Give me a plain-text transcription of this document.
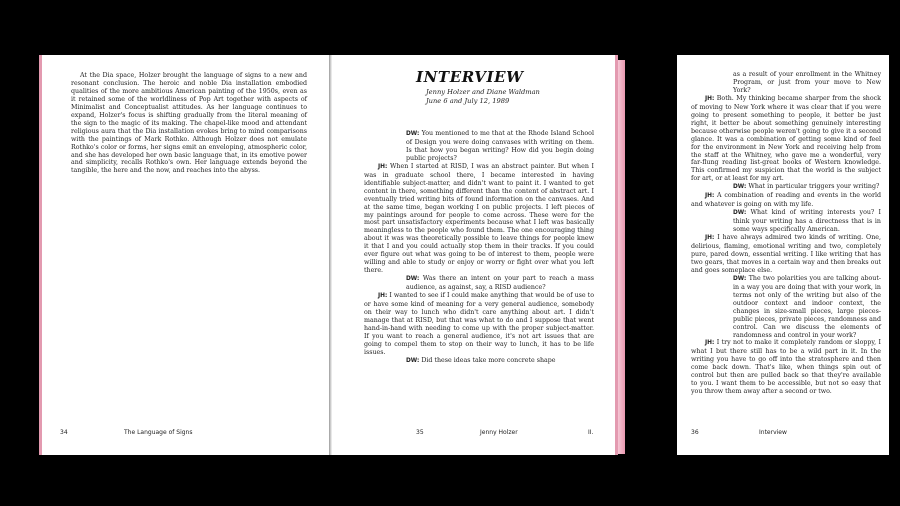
At the Dia space, Holzer brought the language of signs to a new and resonant conclusion. The heroic and noble Dia installation embodied qualities of the more ambitious American painting of the 1950s, even as it retained some of the worldliness of Pop Art together with aspects of Minimalist and Conceptualist attitudes. As her language continues to expand, Holzer's focus is shifting gradually from the literal meaning of the sign to the magic of its making. The chapel-like mood and attendant religious aura that the Dia installation evokes bring to mind comparisons with the paintings of Mark Rothko. Although Holzer does not emulate Rothko's color or forms, her signs emit an enveloping, atmospheric color, and she has developed her own basic language that, in its emotive power and simplicity, recalls Rothko's own. Her language extends beyond the tangible, the here and the now, and reaches into the abyss.
34	The Language of Signs
INTERVIEW
Jenny Holzer and Diane Waldman
June 6 and July 12, 1989

DW: You mentioned to me that at the Rhode Island School of Design you were doing canvases with writing on them. Is that how you began writing? How did you begin doing public projects?

JH: When I started at RISD, I was an abstract painter. But when I was in graduate school there, I became interested in having identifiable subject-matter, and didn't want to paint it. I wanted to get content in there, something different than the content of abstract art. I eventually tried writing bits of found information on the canvases. And at the same time, began working I on public projects. I left pieces of my paintings around for people to come across. These were for the most part unsatisfactory experiments because what I left was basically meaningless to the people who found them. The one encouraging thing about it was was theoretically possible to leave things for people knew it that I and you could actually stop them in their tracks. If you could ever figure out what was going to be of interest to them, people were willing and able to study or enjoy or worry or fight over what you left there.

DW: Was there an intent on your part to reach a mass audience, as against, say, a RISD audience?

JH: I wanted to see if I could make anything that would be of use to or have some kind of meaning for a very general audience, somebody on their way to lunch who didn't care anything about art. I didn't manage that at RISD, but that was what to do and I suppose that went hand-in-hand with needing to come up with the proper subject-matter. If you want to reach a general audience, it's not art issues that are going to compel them to stop on their way to lunch, it has to be life issues.

DW: Did these ideas take more concrete shape

35	Jenny Holzer	II.

as a result of your enrollment in the Whitney Program, or just from your move to New York?

JH: Both. My thinking became sharper from the shock of moving to New York where it was clear that if you were going to present something to people, it better be just right, it better be about something genuinely interesting because otherwise people weren't going to give it a second glance. It was a combination of getting some kind of feel for the environment in New York and receiving help from the staff at the Whitney, who gave me a wonderful, very far-flung reading list-great books of Western knowledge. This confirmed my suspicion that the world is the subject for art, or at least for my art.

DW: What in particular triggers your writing?

JH: A combination of reading and events in the world and whatever is going on with my life.

DW: What kind of writing interests you? I think your writing has a directness that is in some ways specifically American.

JH: I have always admired two kinds of writing. One, delirious, flaming, emotional writing and two, completely pure, pared down, essential writing. I like writing that has two gears, that moves in a certain way and then breaks out and goes someplace else.

DW: The two polarities you are talking about-in a way you are doing that with your work, in terms not only of the writing but also of the outdoor context and indoor context, the changes in size-small pieces, large pieces-public pieces, private pieces, randomness and control. Can we discuss the elements of randomness and control in your work?

JH: I try not to make it completely random or sloppy, I what I but there still has to be a wild part in it. In the writing you have to go off into the stratosphere and then come back down. That's like, when things spin out of control but then are pulled back so that they're available to you. I want them to be accessible, but not so easy that you throw them away after a second or two.

36	Interview
